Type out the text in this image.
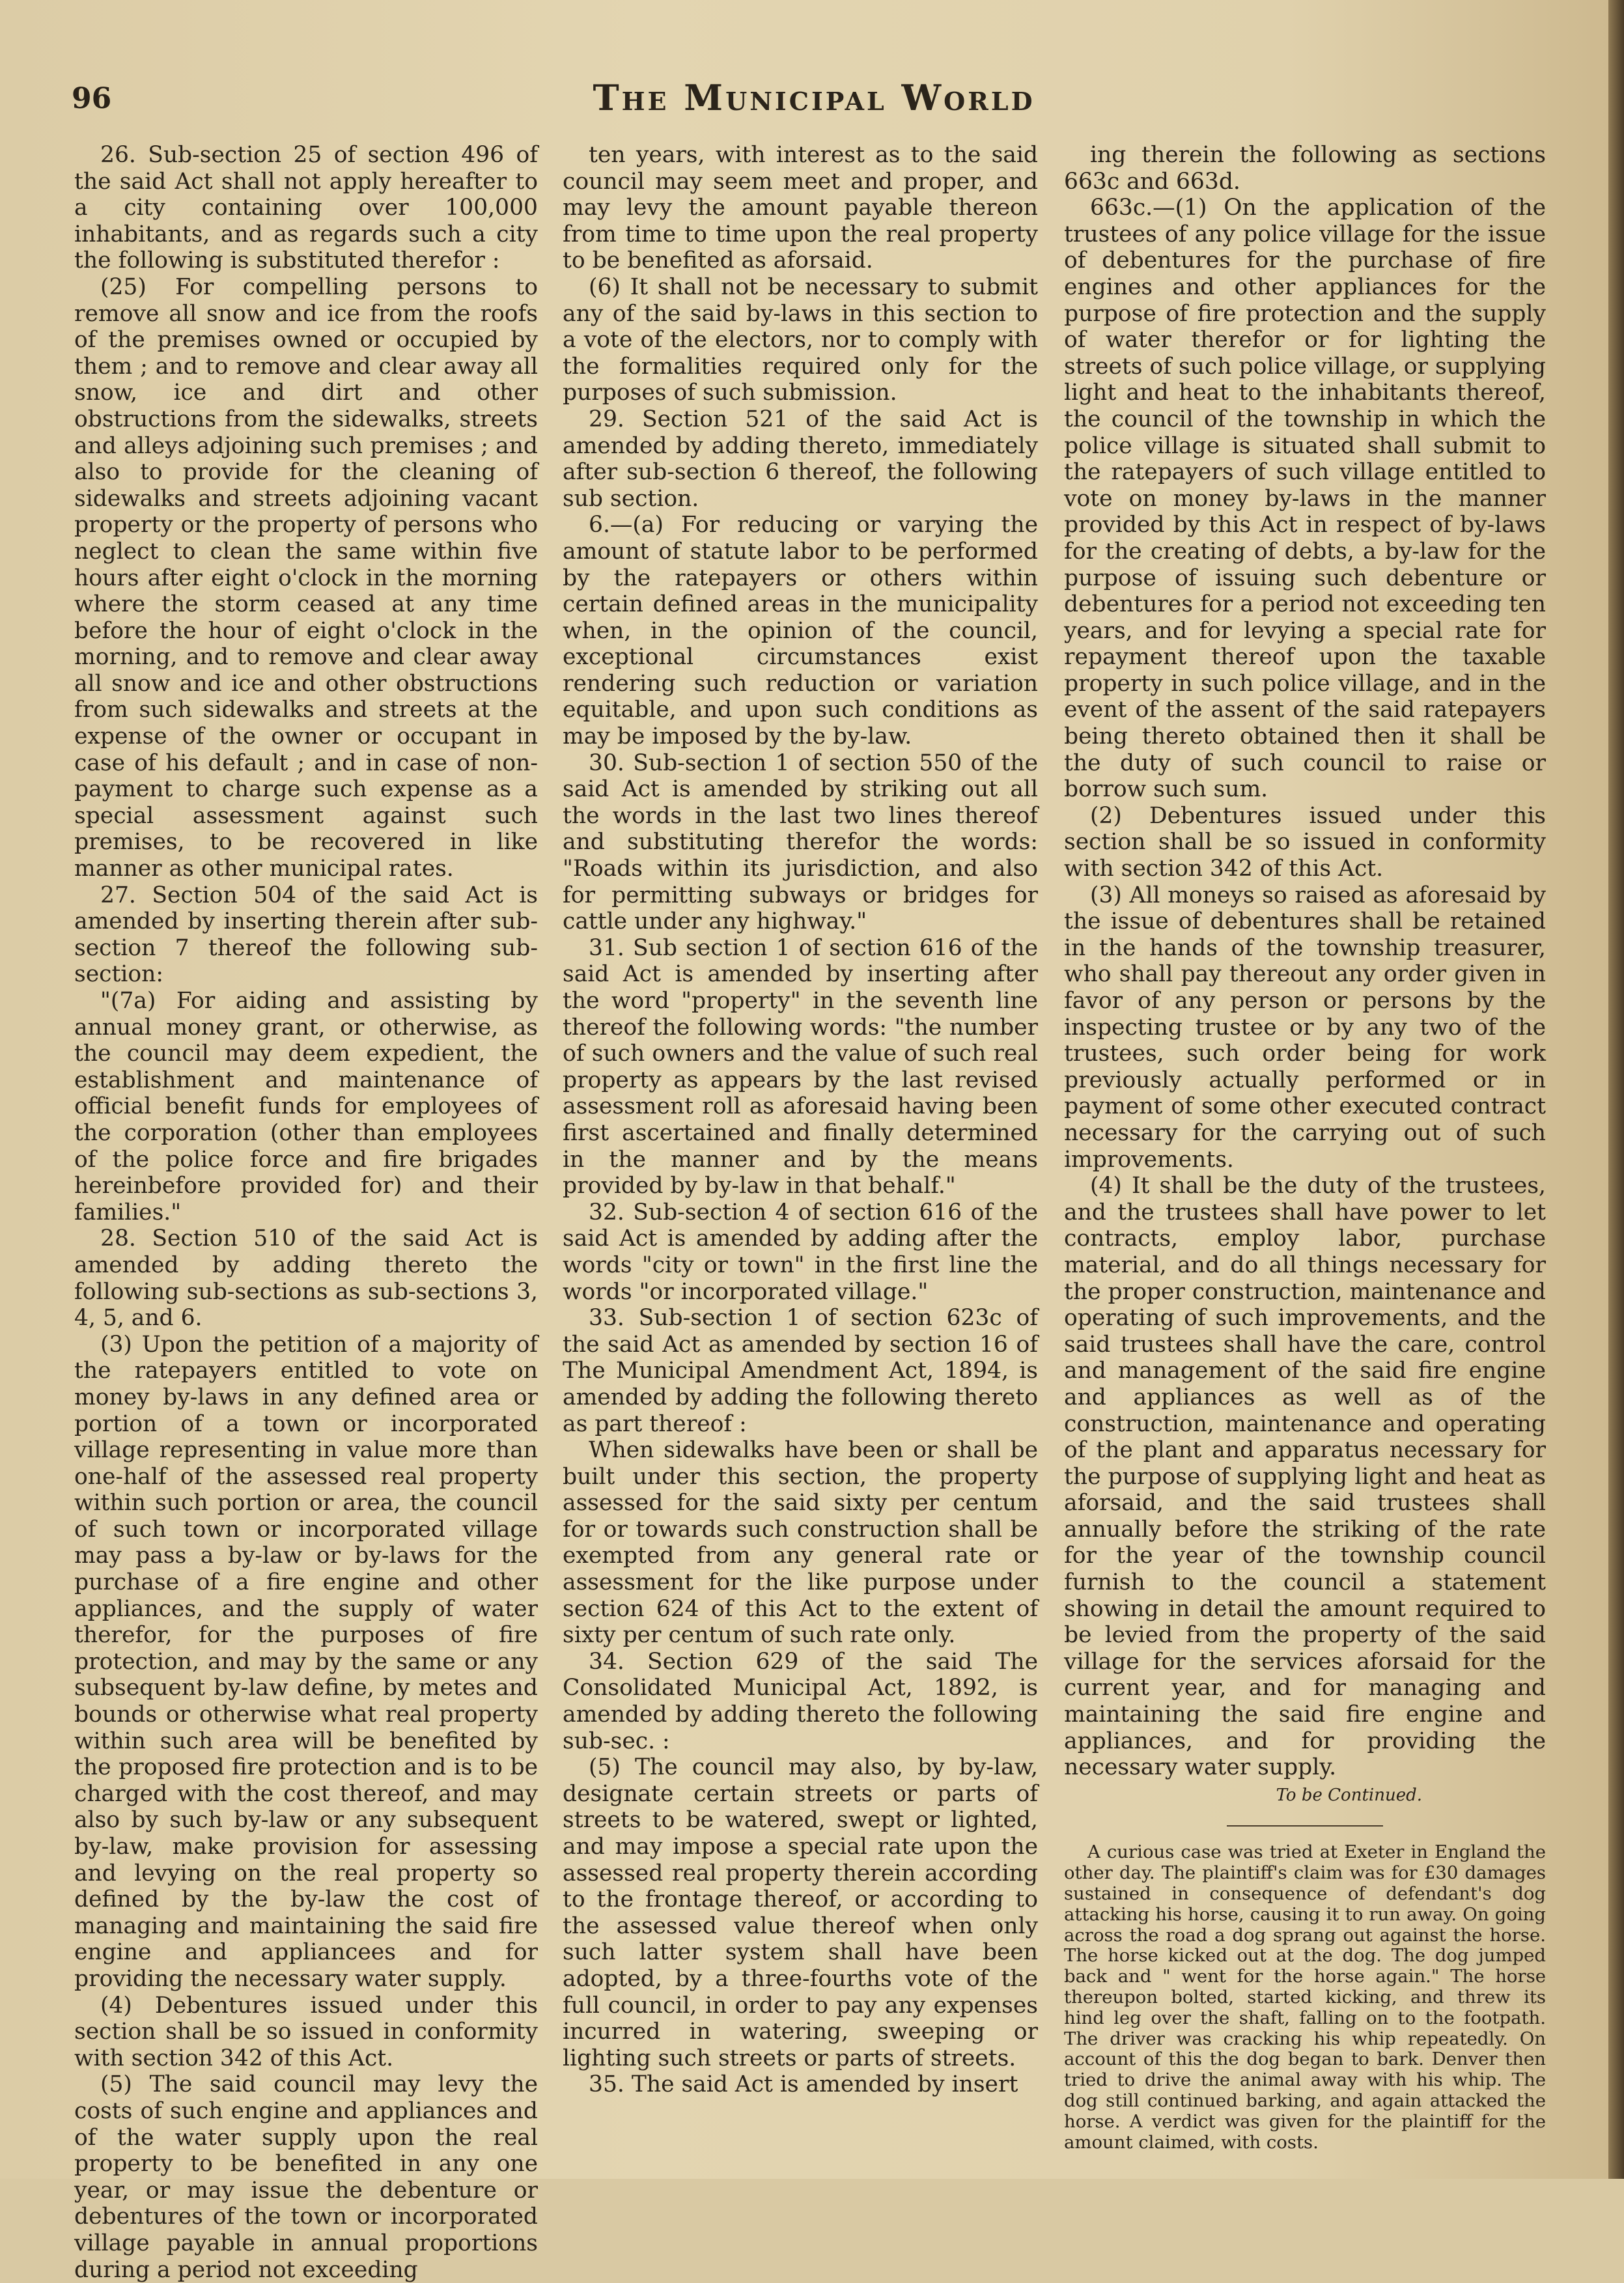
96	The Municipal World

26. Sub-section 25 of section 496 of the said Act shall not apply hereafter to a city containing over 100,000 inhabitants, and as regards such a city the following is substituted therefor :

(25) For compelling persons to remove all snow and ice from the roofs of the premises owned or occupied by them ; and to remove and clear away all snow, ice and dirt and other obstructions from the sidewalks, streets and alleys adjoining such premises ; and also to provide for the cleaning of sidewalks and streets adjoining vacant property or the property of persons who neglect to clean the same within five hours after eight o'clock in the morning where the storm ceased at any time before the hour of eight o'clock in the morning, and to remove and clear away all snow and ice and other obstructions from such sidewalks and streets at the expense of the owner or occupant in case of his default ; and in case of non-payment to charge such expense as a special assessment against such premises, to be recovered in like manner as other municipal rates.

27. Section 504 of the said Act is amended by inserting therein after sub-section 7 thereof the following sub-section:

"(7a) For aiding and assisting by annual money grant, or otherwise, as the council may deem expedient, the establishment and maintenance of official benefit funds for employees of the corporation (other than employees of the police force and fire brigades hereinbefore provided for) and their families."

28. Section 510 of the said Act is amended by adding thereto the following sub-sections as sub-sections 3, 4, 5, and 6.

(3) Upon the petition of a majority of the ratepayers entitled to vote on money by-laws in any defined area or portion of a town or incorporated village representing in value more than one-half of the assessed real property within such portion or area, the council of such town or incorporated village may pass a by-law or by-laws for the purchase of a fire engine and other appliances, and the supply of water therefor, for the purposes of fire protection, and may by the same or any subsequent by-law define, by metes and bounds or otherwise what real property within such area will be benefited by the proposed fire protection and is to be charged with the cost thereof, and may also by such by-law or any subsequent by-law, make provision for assessing and levying on the real property so defined by the by-law the cost of managing and maintaining the said fire engine and appliancees and for providing the necessary water supply.

(4) Debentures issued under this section shall be so issued in conformity with section 342 of this Act.

(5) The said council may levy the costs of such engine and appliances and of the water supply upon the real property to be benefited in any one year, or may issue the debenture or debentures of the town or incorporated village payable in annual proportions during a period not exceeding

ten years, with interest as to the said council may seem meet and proper, and may levy the amount payable thereon from time to time upon the real property to be benefited as aforsaid.

(6) It shall not be necessary to submit any of the said by-laws in this section to a vote of the electors, nor to comply with the formalities required only for the purposes of such submission.

29. Section 521 of the said Act is amended by adding thereto, immediately after sub-section 6 thereof, the following sub section.

6.—(a) For reducing or varying the amount of statute labor to be performed by the ratepayers or others within certain defined areas in the municipality when, in the opinion of the council, exceptional circumstances exist rendering such reduction or variation equitable, and upon such conditions as may be imposed by the by-law.

30. Sub-section 1 of section 550 of the said Act is amended by striking out all the words in the last two lines thereof and substituting therefor the words: "Roads within its jurisdiction, and also for permitting subways or bridges for cattle under any highway."

31. Sub section 1 of section 616 of the said Act is amended by inserting after the word "property" in the seventh line thereof the following words: "the number of such owners and the value of such real property as appears by the last revised assessment roll as aforesaid having been first ascertained and finally determined in the manner and by the means provided by by-law in that behalf."

32. Sub-section 4 of section 616 of the said Act is amended by adding after the words "city or town" in the first line the words "or incorporated village."

33. Sub-section 1 of section 623c of the said Act as amended by section 16 of The Municipal Amendment Act, 1894, is amended by adding the following thereto as part thereof :

When sidewalks have been or shall be built under this section, the property assessed for the said sixty per centum for or towards such construction shall be exempted from any general rate or assessment for the like purpose under section 624 of this Act to the extent of sixty per centum of such rate only.

34. Section 629 of the said The Consolidated Municipal Act, 1892, is amended by adding thereto the following sub-sec. :

(5) The council may also, by by-law, designate certain streets or parts of streets to be watered, swept or lighted, and may impose a special rate upon the assessed real property therein according to the frontage thereof, or according to the assessed value thereof when only such latter system shall have been adopted, by a three-fourths vote of the full council, in order to pay any expenses incurred in watering, sweeping or lighting such streets or parts of streets.

35. The said Act is amended by insert

ing therein the following as sections 663c and 663d.

663c.—(1) On the application of the trustees of any police village for the issue of debentures for the purchase of fire engines and other appliances for the purpose of fire protection and the supply of water therefor or for lighting the streets of such police village, or supplying light and heat to the inhabitants thereof, the council of the township in which the police village is situated shall submit to the ratepayers of such village entitled to vote on money by-laws in the manner provided by this Act in respect of by-laws for the creating of debts, a by-law for the purpose of issuing such debenture or debentures for a period not exceeding ten years, and for levying a special rate for repayment thereof upon the taxable property in such police village, and in the event of the assent of the said ratepayers being thereto obtained then it shall be the duty of such council to raise or borrow such sum.

(2) Debentures issued under this section shall be so issued in conformity with section 342 of this Act.

(3) All moneys so raised as aforesaid by the issue of debentures shall be retained in the hands of the township treasurer, who shall pay thereout any order given in favor of any person or persons by the inspecting trustee or by any two of the trustees, such order being for work previously actually performed or in payment of some other executed contract necessary for the carrying out of such improvements.

(4) It shall be the duty of the trustees, and the trustees shall have power to let contracts, employ labor, purchase material, and do all things necessary for the proper construction, maintenance and operating of such improvements, and the said trustees shall have the care, control and management of the said fire engine and appliances as well as of the construction, maintenance and operating of the plant and apparatus necessary for the purpose of supplying light and heat as aforsaid, and the said trustees shall annually before the striking of the rate for the year of the township council furnish to the council a statement showing in detail the amount required to be levied from the property of the said village for the services aforsaid for the current year, and for managing and maintaining the said fire engine and appliances, and for providing the necessary water supply.

To be Continued.

A curious case was tried at Exeter in England the other day. The plaintiff's claim was for £30 damages sustained in consequence of defendant's dog attacking his horse, causing it to run away. On going across the road a dog sprang out against the horse. The horse kicked out at the dog. The dog jumped back and " went for the horse again." The horse thereupon bolted, started kicking, and threw its hind leg over the shaft, falling on to the footpath. The driver was cracking his whip repeatedly. On account of this the dog began to bark. Denver then tried to drive the animal away with his whip. The dog still continued barking, and again attacked the horse. A verdict was given for the plaintiff for the amount claimed, with costs.
